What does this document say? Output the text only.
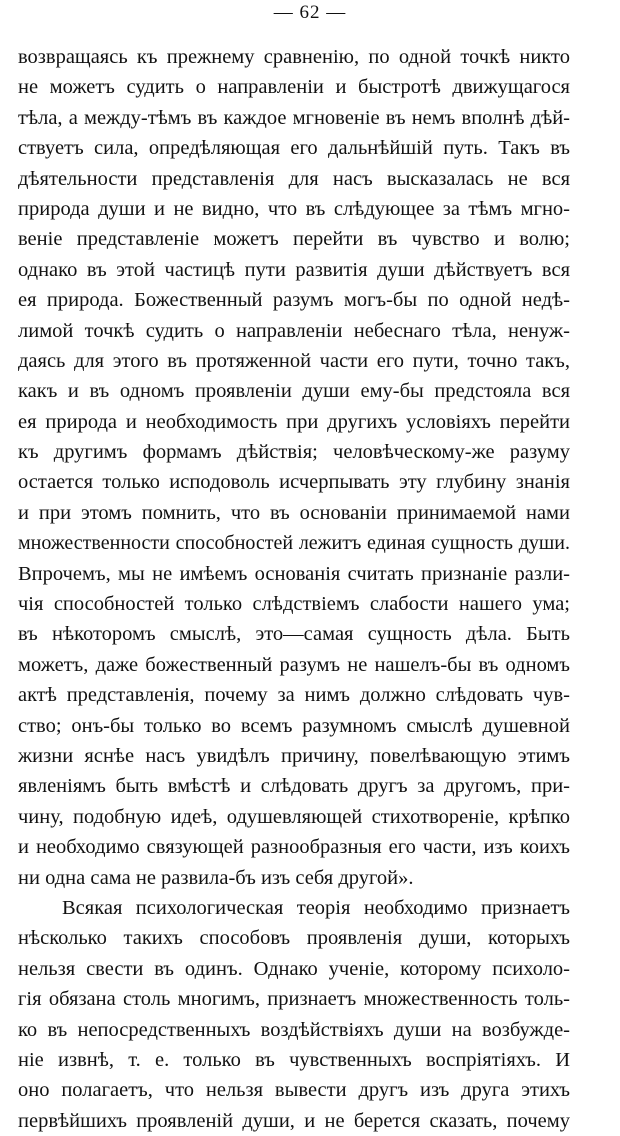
— 62 —
возвращаясь къ прежнему сравненію, по одной точкѣ никто
не можетъ судить о направленіи и быстротѣ движущагося
тѣла, а между-тѣмъ въ каждое мгновеніе въ немъ вполнѣ дѣй-
ствуетъ сила, опредѣляющая его дальнѣйшій путь. Такъ въ
дѣятельности представленія для насъ высказалась не вся
природа души и не видно, что въ слѣдующее за тѣмъ мгно-
веніе представленіе можетъ перейти въ чувство и волю;
однако въ этой частицѣ пути развитія души дѣйствуетъ вся
ея природа. Божественный разумъ могъ-бы по одной недѣ-
лимой точкѣ судить о направленіи небеснаго тѣла, ненуж-
даясь для этого въ протяженной части его пути, точно такъ,
какъ и въ одномъ проявленіи души ему-бы предстояла вся
ея природа и необходимость при другихъ условіяхъ перейти
къ другимъ формамъ дѣйствія; человѣческому-же разуму
остается только исподоволь исчерпывать эту глубину знанія
и при этомъ помнить, что въ основаніи принимаемой нами
множественности способностей лежитъ единая сущность души.
Впрочемъ, мы не имѣемъ основанія считать признаніе разли-
чія способностей только слѣдствіемъ слабости нашего ума;
въ нѣкоторомъ смыслѣ, это—самая сущность дѣла. Быть
можетъ, даже божественный разумъ не нашелъ-бы въ одномъ
актѣ представленія, почему за нимъ должно слѣдовать чув-
ство; онъ-бы только во всемъ разумномъ смыслѣ душевной
жизни яснѣе насъ увидѣлъ причину, повелѣвающую этимъ
явленіямъ быть вмѣстѣ и слѣдовать другъ за другомъ, при-
чину, подобную идеѣ, одушевляющей стихотвореніе, крѣпко
и необходимо связующей разнообразныя его части, изъ коихъ
ни одна сама не развила-бъ изъ себя другой».
Всякая психологическая теорія необходимо признаетъ
нѣсколько такихъ способовъ проявленія души, которыхъ
нельзя свести въ одинъ. Однако ученіе, которому психоло-
гія обязана столь многимъ, признаетъ множественность толь-
ко въ непосредственныхъ воздѣйствіяхъ души на возбужде-
ніе извнѣ, т. е. только въ чувственныхъ воспріятіяхъ. И
оно полагаетъ, что нельзя вывести другъ изъ друга этихъ
первѣйшихъ проявленій души, и не берется сказать, почему
